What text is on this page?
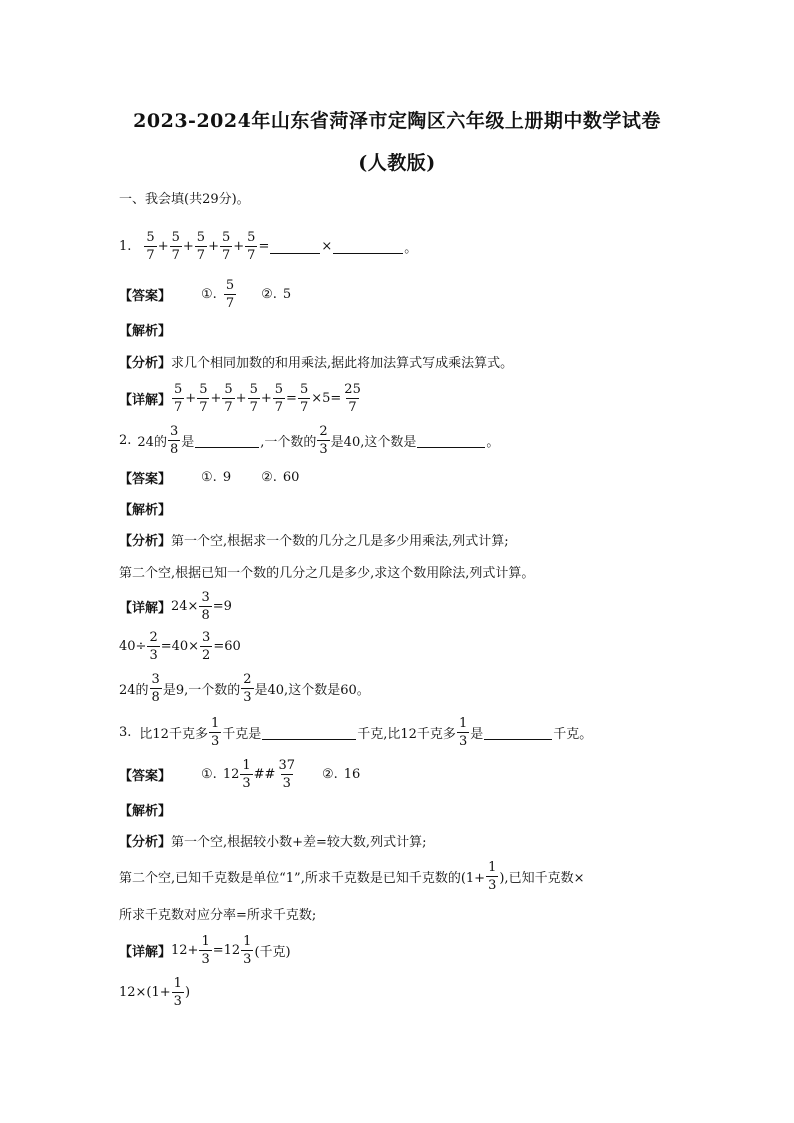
2023-2024年山东省菏泽市定陶区六年级上册期中数学试卷
(人教版)
一、我会填(共29分)。
1. $\frac{5}{7} + \frac{5}{7} + \frac{5}{7} + \frac{5}{7} + \frac{5}{7}$ =	×	。
【答案】 ①. $\frac{5}{7}$ ②. 5
【解析】
【分析】 求几个相同加数的和用乘法,据此将加法算式写成乘法算式。
【详解】 $\frac{5}{7} + \frac{5}{7} + \frac{5}{7} + \frac{5}{7} + \frac{5}{7} = \frac{5}{7} \times 5= \frac{25}{7}$
2. 24的 $\frac{3}{8}$ 是	,一个数的 $\frac{2}{3}$ 是40,这个数是	。
【答案】 ①. 9 ②. 60
【解析】
【分析】 第一个空,根据求一个数的几分之几是多少用乘法,列式计算;
第二个空,根据已知一个数的几分之几是多少,求这个数用除法,列式计算。
【详解】 $24\times \frac{3}{8} =9$
$40\div \frac{2}{3} =40\times \frac{3}{2} =60$
24的 $\frac{3}{8}$ 是9,一个数的 $\frac{2}{3}$ 是40,这个数是60。
3. 比12千克多 $\frac{1}{3}$ 千克是	千克,比12千克多 $\frac{1}{3}$ 是	千克。
【答案】 ①. $12 \frac{1}{3}$ ## $\frac{37}{3}$ ②. 16
【解析】
【分析】 第一个空,根据较小数+差=较大数,列式计算;
第二个空,已知千克数是单位“1”,所求千克数是已知千克数的($1+ \frac{1}{3}$ ),已知千克数×
所求千克数对应分率=所求千克数;
【详解】 $12+ \frac{1}{3} =12 \frac{1}{3}$ (千克)
$12\times(1+ \frac{1}{3}$ )
